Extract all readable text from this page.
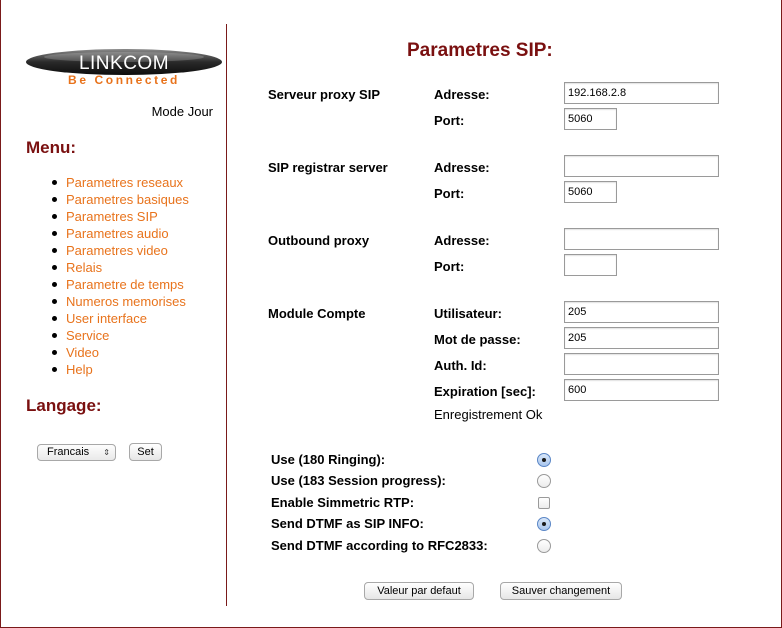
LINKCOM
Be Connected
Mode Jour
Menu:
Parametres reseaux
Parametres basiques
Parametres SIP
Parametres audio
Parametres video
Relais
Parametre de temps
Numeros memorises
User interface
Service
Video
Help
Langage:
Francais ⇕	Set
Parametres SIP:
Serveur proxy SIP	Adresse:	192.168.2.8
Port:	5060
SIP registrar server	Adresse:
Port:	5060
Outbound proxy	Adresse:
Port:
Module Compte	Utilisateur:	205
Mot de passe:	205
Auth. Id:
Expiration [sec]:	600
Enregistrement Ok
Use (180 Ringing):
Use (183 Session progress):
Enable Simmetric RTP:
Send DTMF as SIP INFO:
Send DTMF according to RFC2833:
Valeur par defaut	Sauver changement
